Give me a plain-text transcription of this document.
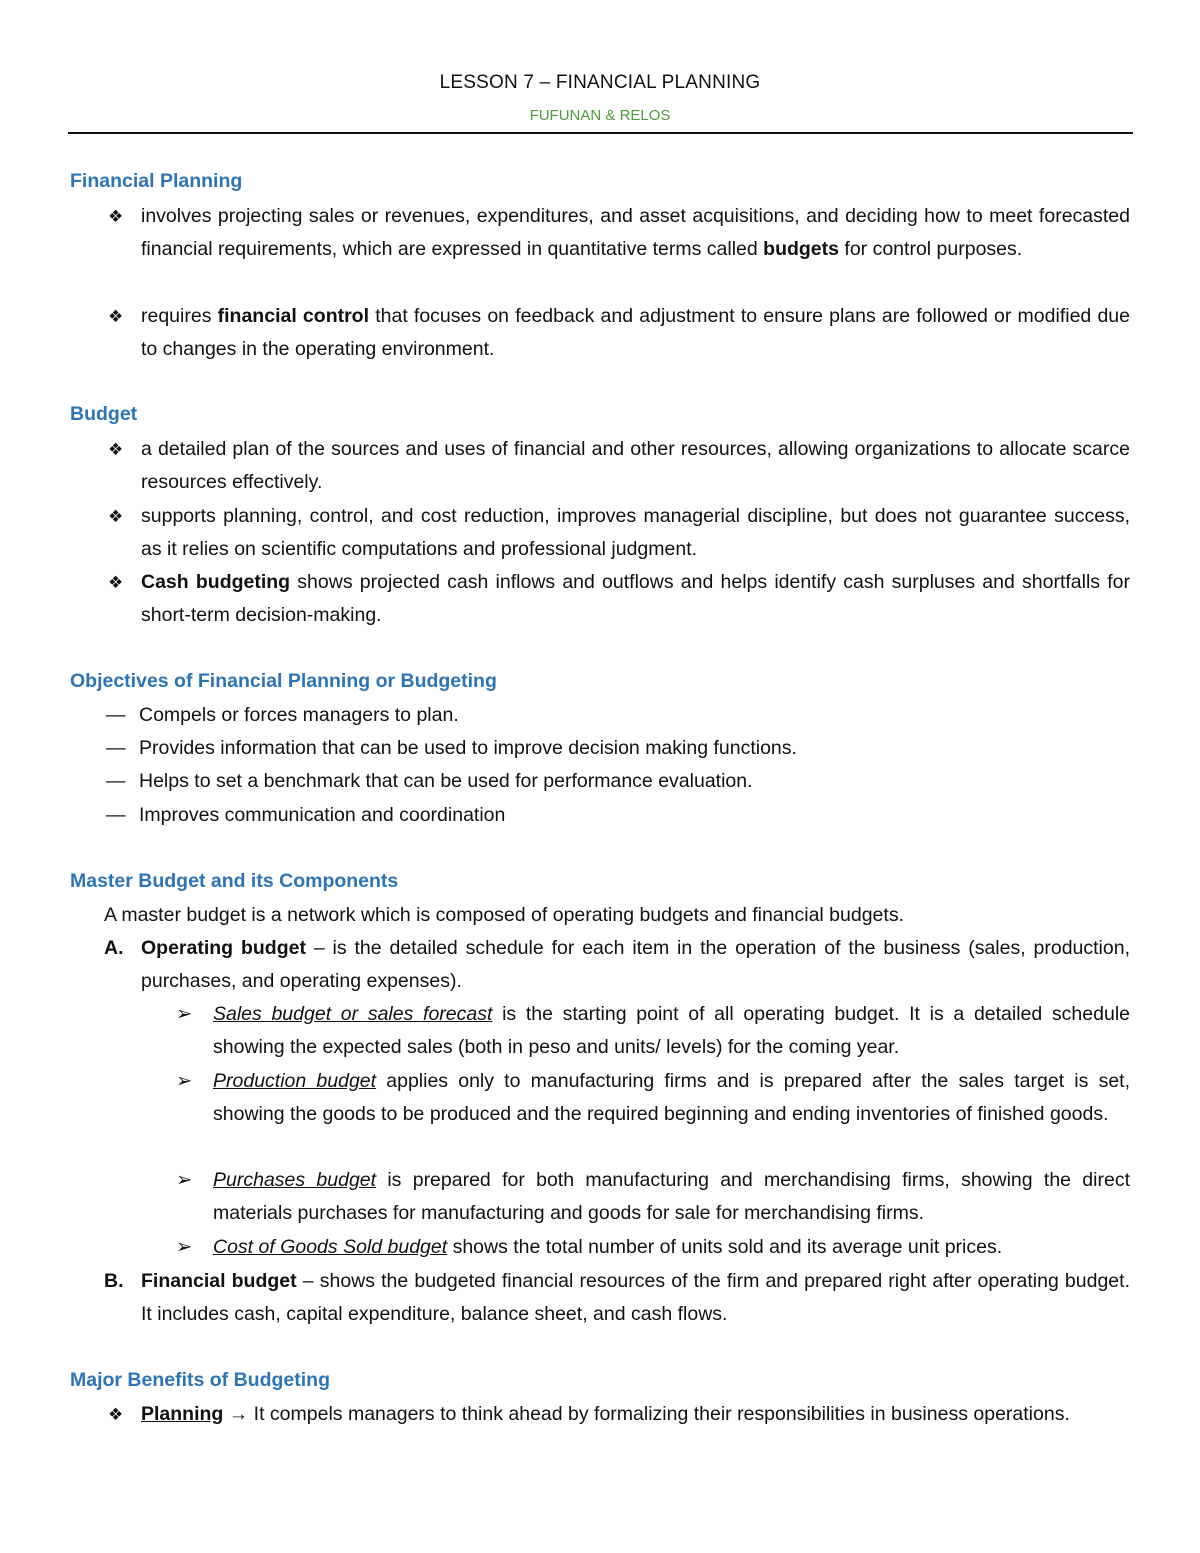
LESSON 7 – FINANCIAL PLANNING
FUFUNAN & RELOS
Financial Planning
❖ involves projecting sales or revenues, expenditures, and asset acquisitions, and deciding how to meet forecasted financial requirements, which are expressed in quantitative terms called budgets for control purposes.
❖ requires financial control that focuses on feedback and adjustment to ensure plans are followed or modified due to changes in the operating environment.
Budget
❖ a detailed plan of the sources and uses of financial and other resources, allowing organizations to allocate scarce resources effectively.
❖ supports planning, control, and cost reduction, improves managerial discipline, but does not guarantee success, as it relies on scientific computations and professional judgment.
❖ Cash budgeting shows projected cash inflows and outflows and helps identify cash surpluses and shortfalls for short-term decision-making.
Objectives of Financial Planning or Budgeting
— Compels or forces managers to plan.
— Provides information that can be used to improve decision making functions.
— Helps to set a benchmark that can be used for performance evaluation.
— Improves communication and coordination
Master Budget and its Components
A master budget is a network which is composed of operating budgets and financial budgets.
A. Operating budget – is the detailed schedule for each item in the operation of the business (sales, production, purchases, and operating expenses).
➢ Sales budget or sales forecast is the starting point of all operating budget. It is a detailed schedule showing the expected sales (both in peso and units/ levels) for the coming year.
➢ Production budget applies only to manufacturing firms and is prepared after the sales target is set, showing the goods to be produced and the required beginning and ending inventories of finished goods.
➢ Purchases budget is prepared for both manufacturing and merchandising firms, showing the direct materials purchases for manufacturing and goods for sale for merchandising firms.
➢ Cost of Goods Sold budget shows the total number of units sold and its average unit prices.
B. Financial budget – shows the budgeted financial resources of the firm and prepared right after operating budget. It includes cash, capital expenditure, balance sheet, and cash flows.
Major Benefits of Budgeting
❖ Planning → It compels managers to think ahead by formalizing their responsibilities in business operations.
